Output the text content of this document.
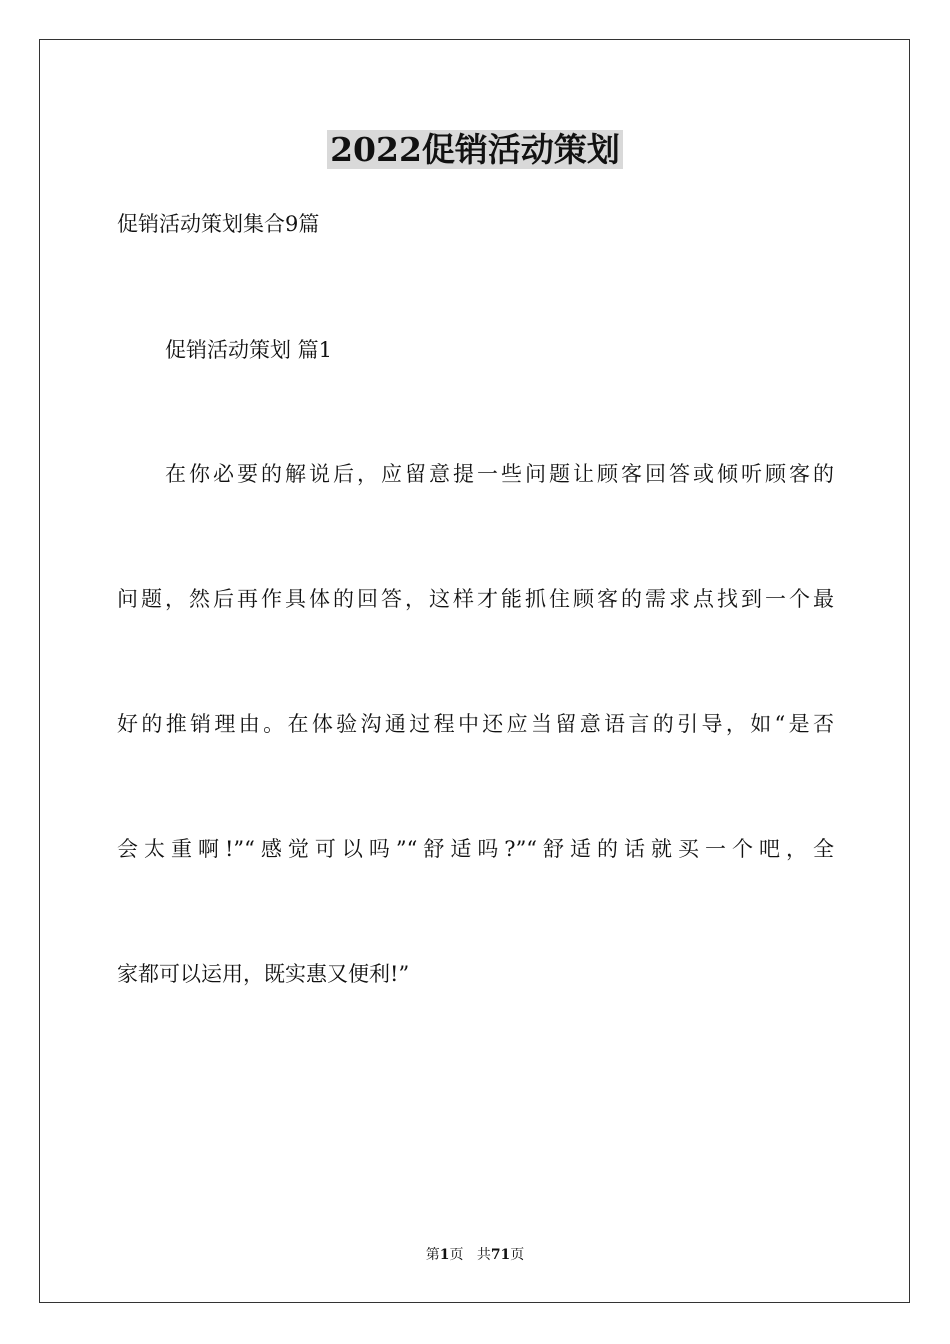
2022促销活动策划
促销活动策划集合9篇
促销活动策划 篇1
在你必要的解说后，应留意提一些问题让顾客回答或倾听顾客的
问题，然后再作具体的回答，这样才能抓住顾客的需求点找到一个最
好的推销理由。在体验沟通过程中还应当留意语言的引导，如“是否
会太重啊!”“感觉可以吗”“舒适吗?”“舒适的话就买一个吧，全
家都可以运用，既实惠又便利!”
第1页 共71页
